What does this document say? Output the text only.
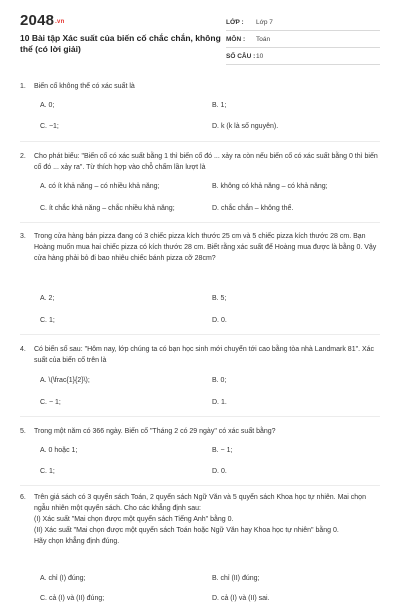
$2048^{.vn}$
10 Bài tập Xác suất của biến cố chắc chắn, không thể (có lời giải)
LỚP :	Lớp 7
MÔN :	Toán
SỐ CÂU : 10
1. Biến cố không thể có xác suất là
A. 0;	B. 1;
C. −1;	D. k (k là số nguyên).
2. Cho phát biểu: "Biến cố có xác suất bằng 1 thì biến cố đó ... xảy ra còn nếu biến cố có xác suất bằng 0 thì biến cố đó ... xảy ra". Từ thích hợp vào chỗ chấm lần lượt là
A. có ít khả năng – có nhiều khả năng;	B. không có khả năng – có khả năng;
C. ít chắc khả năng – chắc nhiều khả năng;	D. chắc chắn – không thể.
3. Trong cửa hàng bán pizza đang có 3 chiếc pizza kích thước 25 cm và 5 chiếc pizza kích thước 28 cm. Bạn Hoàng muốn mua hai chiếc pizza có kích thước 28 cm. Biết rằng xác suất để Hoàng mua được là bằng 0. Vậy cửa hàng phải bỏ đi bao nhiêu chiếc bánh pizza cỡ 28cm?
A. 2;	B. 5;
C. 1;	D. 0.
4. Có biến số sau: "Hôm nay, lớp chúng ta có bạn học sinh mới chuyển tới cao bằng tòa nhà Landmark 81". Xác suất của biến cố trên là
A. \(\frac{1}{2}\);	B. 0;
C. − 1;	D. 1.
5. Trong một năm có 366 ngày. Biến cố "Tháng 2 có 29 ngày" có xác suất bằng?
A. 0 hoặc 1;	B. − 1;
C. 1;	D. 0.
6. Trên giá sách có 3 quyển sách Toán, 2 quyển sách Ngữ Văn và 5 quyển sách Khoa học tự nhiên. Mai chọn ngẫu nhiên một quyển sách. Cho các khẳng định sau:
(I) Xác suất "Mai chọn được một quyển sách Tiếng Anh" bằng 0.
(II) Xác suất "Mai chọn được một quyển sách Toán hoặc Ngữ Văn hay Khoa học tự nhiên" bằng 0.
Hãy chọn khẳng định đúng.
A. chỉ (I) đúng;	B. chỉ (II) đúng;
C. cả (I) và (II) đúng;	D. cả (I) và (II) sai.
